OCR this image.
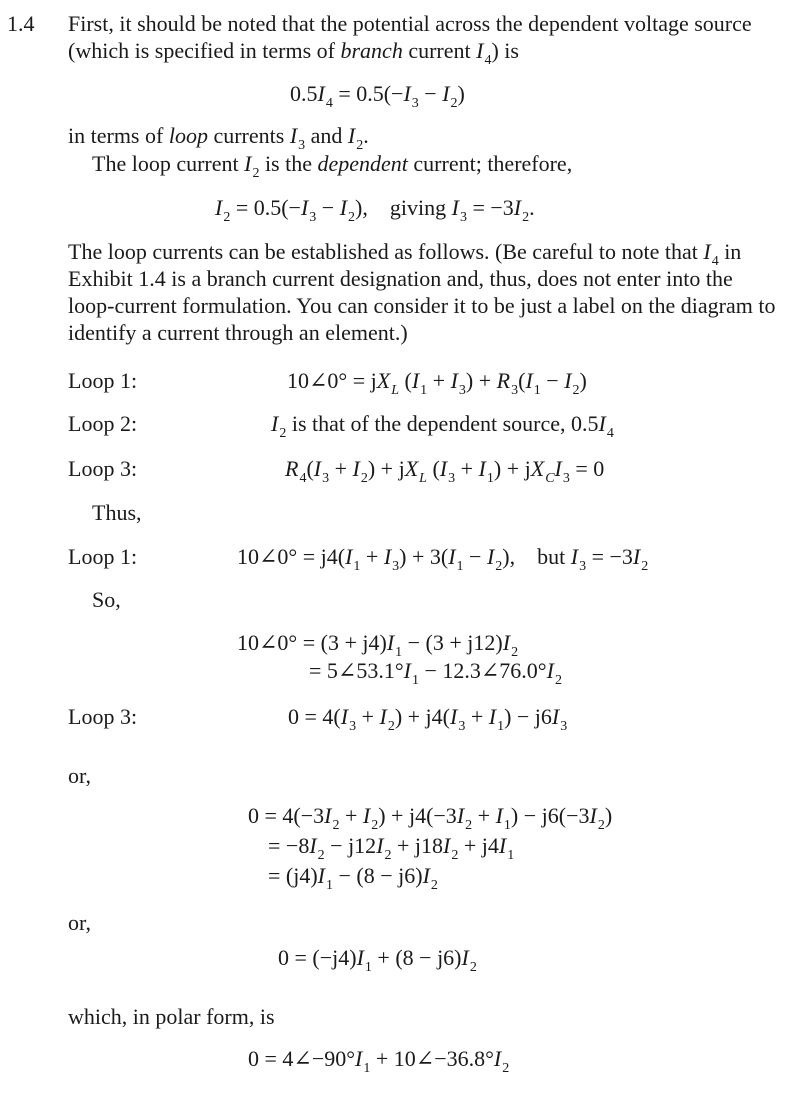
1.4 First, it should be noted that the potential across the dependent voltage source (which is specified in terms of branch current $I_4$) is
$0.5I_4 = 0.5(-I_3 - I_2)$
in terms of loop currents $I_3$ and $I_2$.
The loop current $I_2$ is the dependent current; therefore,
$I_2 = 0.5(-I_3 - I_2)$,    giving $I_3 = -3I_2$.
The loop currents can be established as follows. (Be careful to note that $I_4$ in Exhibit 1.4 is a branch current designation and, thus, does not enter into the loop-current formulation. You can consider it to be just a label on the diagram to identify a current through an element.)
Loop 1:	10∠0° = $jX_L$ $(I_1 + I_3) + R_3(I_1 - I_2)$
Loop 2:	$I_2$ is that of the dependent source, $0.5I_4$
Loop 3:	$R_4(I_3 + I_2) + jX_L$ $(I_3 + I_1) + jX_CI_3 = 0$
Thus,
Loop 1:	10∠0° = $j4(I_1 + I_3) + 3(I_1 - I_2)$,    but $I_3 = -3I_2$
So,
10∠0° = $(3 + j4)I_1 - (3 + j12)I_2$
= $5\angle 53.1^\circ I_1$ − $12.3\angle 76.0^\circ I_2$
Loop 3:	$0 = 4(I_3 + I_2) + j4(I_3 + I_1) - j6I_3$
or,
$0 = 4(-3I_2 + I_2) + j4(-3I_2 + I_1) - j6(-3I_2)$
= $-8I_2 - j12I_2 + j18I_2 + j4I_1$
= $(j4)I_1 - (8 - j6)I_2$
or,
$0 = (-j4)I_1 + (8 - j6)I_2$
which, in polar form, is
$0 = 4\angle-90^\circ I_1$ + $10\angle-36.8^\circ I_2$
